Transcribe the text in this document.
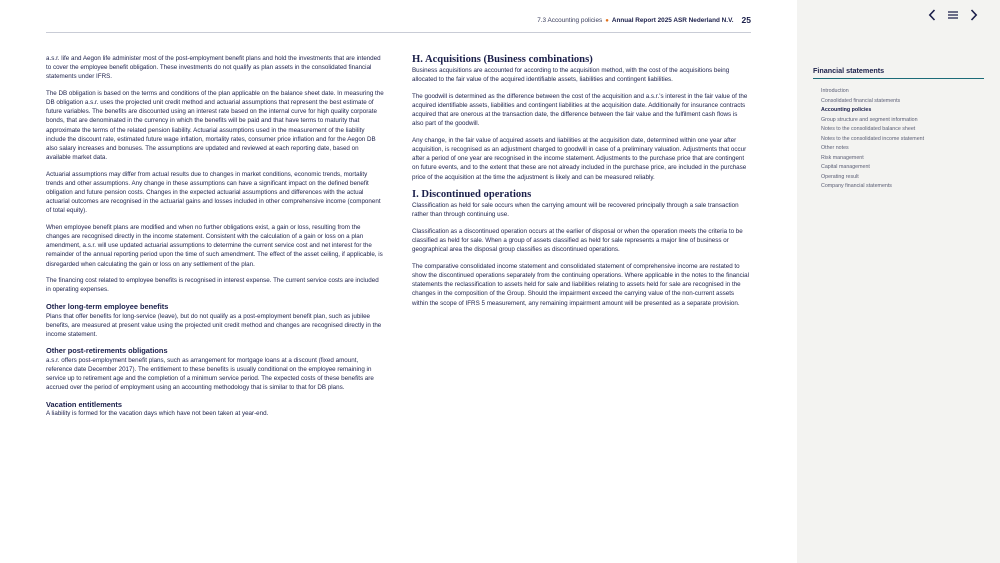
7.3 Accounting policies ● Annual Report 2025 ASR Nederland N.V. 25

a.s.r. life and Aegon life administer most of the post-employment benefit plans and hold the investments that are intended to cover the employee benefit obligation. These investments do not qualify as plan assets in the consolidated financial statements under IFRS.

The DB obligation is based on the terms and conditions of the plan applicable on the balance sheet date. In measuring the DB obligation a.s.r. uses the projected unit credit method and actuarial assumptions that represent the best estimate of future variables. The benefits are discounted using an interest rate based on the internal curve for high quality corporate bonds, that are denominated in the currency in which the benefits will be paid and that have terms to maturity that approximate the terms of the related pension liability. Actuarial assumptions used in the measurement of the liability include the discount rate, estimated future wage inflation, mortality rates, consumer price inflation and for the Aegon DB also salary increases and bonuses. The assumptions are updated and reviewed at each reporting date, based on available market data.

Actuarial assumptions may differ from actual results due to changes in market conditions, economic trends, mortality trends and other assumptions. Any change in these assumptions can have a significant impact on the defined benefit obligation and future pension costs. Changes in the expected actuarial assumptions and differences with the actual actuarial outcomes are recognised in the actuarial gains and losses included in other comprehensive income (component of total equity).

When employee benefit plans are modified and when no further obligations exist, a gain or loss, resulting from the changes are recognised directly in the income statement. Consistent with the calculation of a gain or loss on a plan amendment, a.s.r. will use updated actuarial assumptions to determine the current service cost and net interest for the remainder of the annual reporting period upon the time of such amendment. The effect of the asset ceiling, if applicable, is disregarded when calculating the gain or loss on any settlement of the plan.

The financing cost related to employee benefits is recognised in interest expense. The current service costs are included in operating expenses.

Other long-term employee benefits

Plans that offer benefits for long-service (leave), but do not qualify as a post-employment benefit plan, such as jubilee benefits, are measured at present value using the projected unit credit method and changes are recognised directly in the income statement.

Other post-retirements obligations

a.s.r. offers post-employment benefit plans, such as arrangement for mortgage loans at a discount (fixed amount, reference date December 2017). The entitlement to these benefits is usually conditional on the employee remaining in service up to retirement age and the completion of a minimum service period. The expected costs of these benefits are accrued over the period of employment using an accounting methodology that is similar to that for DB plans.

Vacation entitlements

A liability is formed for the vacation days which have not been taken at year-end.

H. Acquisitions (Business combinations)

Business acquisitions are accounted for according to the acquisition method, with the cost of the acquisitions being allocated to the fair value of the acquired identifiable assets, liabilities and contingent liabilities.

The goodwill is determined as the difference between the cost of the acquisition and a.s.r.'s interest in the fair value of the acquired identifiable assets, liabilities and contingent liabilities at the acquisition date. Additionally for insurance contracts acquired that are onerous at the transaction date, the difference between the fair value and the fulfilment cash flows is also part of the goodwill.

Any change, in the fair value of acquired assets and liabilities at the acquisition date, determined within one year after acquisition, is recognised as an adjustment charged to goodwill in case of a preliminary valuation. Adjustments that occur after a period of one year are recognised in the income statement. Adjustments to the purchase price that are contingent on future events, and to the extent that these are not already included in the purchase price, are included in the purchase price of the acquisition at the time the adjustment is likely and can be measured reliably.

I. Discontinued operations

Classification as held for sale occurs when the carrying amount will be recovered principally through a sale transaction rather than through continuing use.

Classification as a discontinued operation occurs at the earlier of disposal or when the operation meets the criteria to be classified as held for sale. When a group of assets classified as held for sale represents a major line of business or geographical area the disposal group classifies as discontinued operations.

The comparative consolidated income statement and consolidated statement of comprehensive income are restated to show the discontinued operations separately from the continuing operations. Where applicable in the notes to the financial statements the reclassification to assets held for sale and liabilities relating to assets held for sale are recognised in the changes in the composition of the Group. Should the impairment exceed the carrying value of the non-current assets within the scope of IFRS 5 measurement, any remaining impairment amount will be presented as a separate provision.

Financial statements
Introduction
Consolidated financial statements
Accounting policies
Group structure and segment information
Notes to the consolidated balance sheet
Notes to the consolidated income statement
Other notes
Risk management
Capital management
Operating result
Company financial statements
